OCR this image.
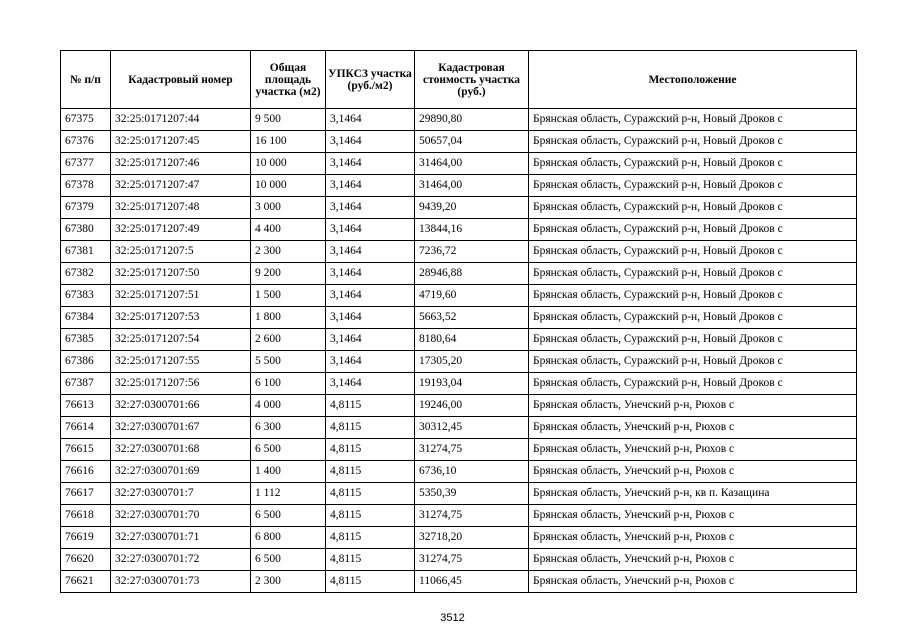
№ п/п	Кадастровый номер	Общая площадь участка (м2)	УПКСЗ участка (руб./м2)	Кадастровая стоимость участка (руб.)	Местоположение
67375	32:25:0171207:44	9 500	3,1464	29890,80	Брянская область, Суражский р-н, Новый Дроков с
67376	32:25:0171207:45	16 100	3,1464	50657,04	Брянская область, Суражский р-н, Новый Дроков с
67377	32:25:0171207:46	10 000	3,1464	31464,00	Брянская область, Суражский р-н, Новый Дроков с
67378	32:25:0171207:47	10 000	3,1464	31464,00	Брянская область, Суражский р-н, Новый Дроков с
67379	32:25:0171207:48	3 000	3,1464	9439,20	Брянская область, Суражский р-н, Новый Дроков с
67380	32:25:0171207:49	4 400	3,1464	13844,16	Брянская область, Суражский р-н, Новый Дроков с
67381	32:25:0171207:5	2 300	3,1464	7236,72	Брянская область, Суражский р-н, Новый Дроков с
67382	32:25:0171207:50	9 200	3,1464	28946,88	Брянская область, Суражский р-н, Новый Дроков с
67383	32:25:0171207:51	1 500	3,1464	4719,60	Брянская область, Суражский р-н, Новый Дроков с
67384	32:25:0171207:53	1 800	3,1464	5663,52	Брянская область, Суражский р-н, Новый Дроков с
67385	32:25:0171207:54	2 600	3,1464	8180,64	Брянская область, Суражский р-н, Новый Дроков с
67386	32:25:0171207:55	5 500	3,1464	17305,20	Брянская область, Суражский р-н, Новый Дроков с
67387	32:25:0171207:56	6 100	3,1464	19193,04	Брянская область, Суражский р-н, Новый Дроков с
76613	32:27:0300701:66	4 000	4,8115	19246,00	Брянская область, Унечский р-н, Рюхов с
76614	32:27:0300701:67	6 300	4,8115	30312,45	Брянская область, Унечский р-н, Рюхов с
76615	32:27:0300701:68	6 500	4,8115	31274,75	Брянская область, Унечский р-н, Рюхов с
76616	32:27:0300701:69	1 400	4,8115	6736,10	Брянская область, Унечский р-н, Рюхов с
76617	32:27:0300701:7	1 112	4,8115	5350,39	Брянская область, Унечский р-н, кв п. Казащина
76618	32:27:0300701:70	6 500	4,8115	31274,75	Брянская область, Унечский р-н, Рюхов с
76619	32:27:0300701:71	6 800	4,8115	32718,20	Брянская область, Унечский р-н, Рюхов с
76620	32:27:0300701:72	6 500	4,8115	31274,75	Брянская область, Унечский р-н, Рюхов с
76621	32:27:0300701:73	2 300	4,8115	11066,45	Брянская область, Унечский р-н, Рюхов с
3512
